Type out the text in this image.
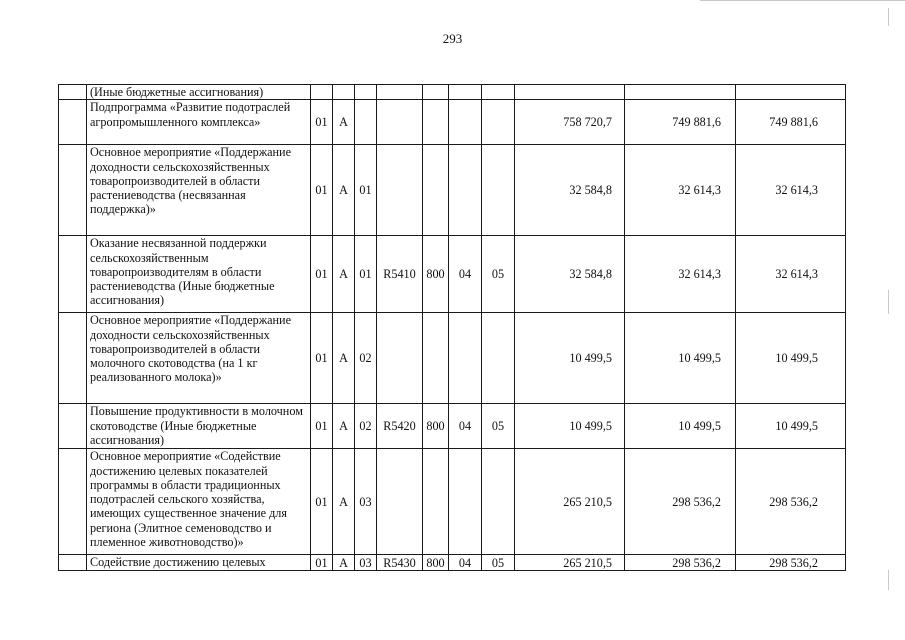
293
	(Иные бюджетные ассигнования)										
	Подпрограмма «Развитие подотраслей агропромышленного комплекса»	01	А						758 720,7	749 881,6	749 881,6
	Основное мероприятие «Поддержание доходности сельскохозяйственных товаропроизводителей в области растениеводства (несвязанная поддержка)»	01	А	01					32 584,8	32 614,3	32 614,3
	Оказание несвязанной поддержки сельскохозяйственным товаропроизводителям в области растениеводства (Иные бюджетные ассигнования)	01	А	01	R5410	800	04	05	32 584,8	32 614,3	32 614,3
	Основное мероприятие «Поддержание доходности сельскохозяйственных товаропроизводителей в области молочного скотоводства (на 1 кг реализованного молока)»	01	А	02					10 499,5	10 499,5	10 499,5
	Повышение продуктивности в молочном скотоводстве (Иные бюджетные ассигнования)	01	А	02	R5420	800	04	05	10 499,5	10 499,5	10 499,5
	Основное мероприятие «Содействие достижению целевых показателей программы в области традиционных подотраслей сельского хозяйства, имеющих существенное значение для региона (Элитное семеноводство и племенное животноводство)»	01	А	03					265 210,5	298 536,2	298 536,2
	Содействие достижению целевых	01	А	03	R5430	800	04	05	265 210,5	298 536,2	298 536,2
